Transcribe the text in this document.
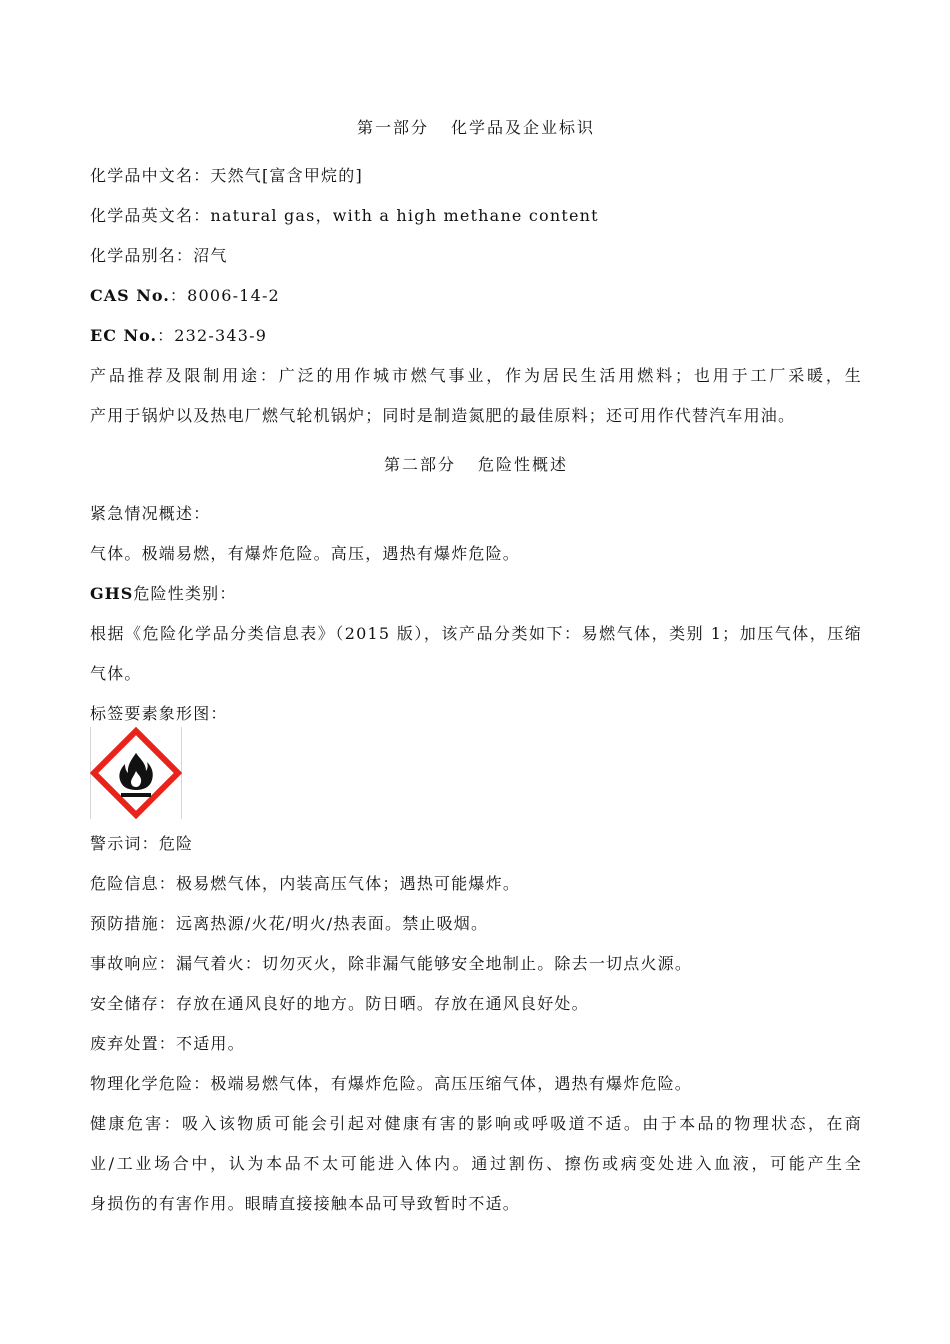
第一部分 化学品及企业标识
化学品中文名：天然气[富含甲烷的]
化学品英文名：natural gas，with a high methane content
化学品别名：沼气
CAS No.：8006-14-2
EC No.：232-343-9
产品推荐及限制用途：广泛的用作城市燃气事业，作为居民生活用燃料；也用于工厂采暖，生
产用于锅炉以及热电厂燃气轮机锅炉；同时是制造氮肥的最佳原料；还可用作代替汽车用油。
第二部分 危险性概述
紧急情况概述：
气体。极端易燃，有爆炸危险。高压，遇热有爆炸危险。
GHS危险性类别：
根据《危险化学品分类信息表》（2015 版），该产品分类如下：易燃气体，类别 1；加压气体，压缩
气体。
标签要素象形图：
警示词：危险
危险信息：极易燃气体，内装高压气体；遇热可能爆炸。
预防措施：远离热源/火花/明火/热表面。禁止吸烟。
事故响应：漏气着火：切勿灭火，除非漏气能够安全地制止。除去一切点火源。
安全储存：存放在通风良好的地方。防日晒。存放在通风良好处。
废弃处置：不适用。
物理化学危险：极端易燃气体，有爆炸危险。高压压缩气体，遇热有爆炸危险。
健康危害：吸入该物质可能会引起对健康有害的影响或呼吸道不适。由于本品的物理状态，在商
业/工业场合中，认为本品不太可能进入体内。通过割伤、擦伤或病变处进入血液，可能产生全
身损伤的有害作用。眼睛直接接触本品可导致暂时不适。
